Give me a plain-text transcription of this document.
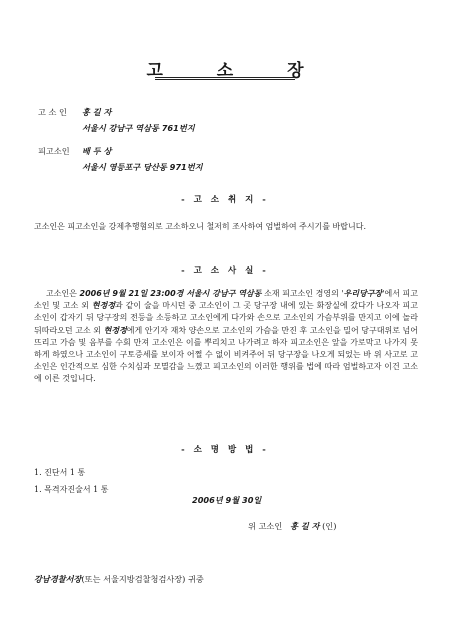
고 소 장
고 소 인 홍 길 자
서울시 강남구 역삼동 761번지
피고소인 배 두 상
서울시 영등포구 당산동 971번지
- 고 소 취 지 -
고소인은 피고소인을 강제추행혐의로 고소하오니 철저히 조사하여 엄벌하여 주시기를 바랍니다.
- 고 소 사 실 -
고소인은 2006년 9월 21일 23:00경 서울시 강남구 역삼동 소재 피고소인 경영의 '우리당구장'에서 피고소인 및 고소 외 현정정과 같이 술을 마시던 중 고소인이 그 곳 당구장 내에 있는 화장실에 갔다가 나오자 피고소인이 갑자기 뒤 당구장의 전등을 소등하고 고소인에게 다가와 손으로 고소인의 가슴부위를 만지고 이에 놀라 뒤따라오던 고소 외 현정정에게 안기자 재차 양손으로 고소인의 가슴을 만진 후 고소인을 밀어 당구대위로 넘어뜨리고 가슴 및 음부를 수회 만져 고소인은 이를 뿌리치고 나가려고 하자 피고소인은 앞을 가로막고 나가지 못하게 하였으나 고소인이 구토증세를 보이자 어쩔 수 없이 비켜주어 뒤 당구장을 나오게 되었는 바 위 사고로 고소인은 인간적으로 심한 수치심과 모멸감을 느꼈고 피고소인의 이러한 행위를 법에 따라 엄벌하고자 이건 고소에 이른 것입니다.
- 소 명 방 법 -
1. 진단서 1 통
1. 목격자진술서 1 통
2006년 9월 30일
위 고소인 홍 길 자 (인)
강남경찰서장(또는 서울지방검찰청검사장) 귀중
